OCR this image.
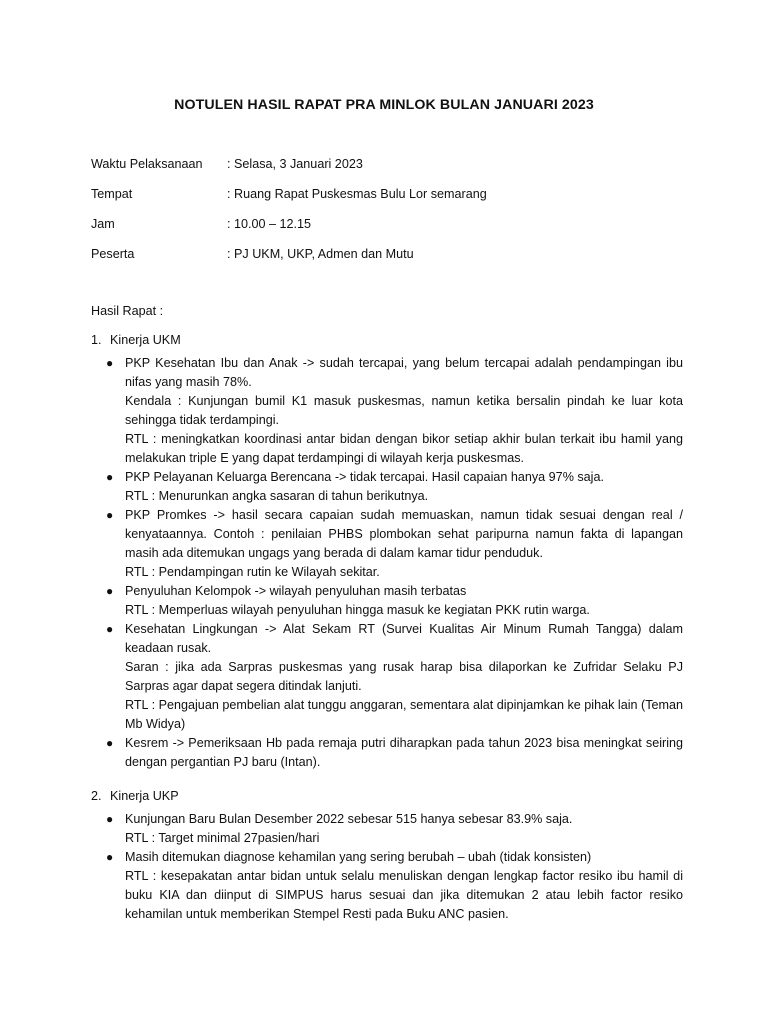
NOTULEN HASIL RAPAT PRA MINLOK BULAN JANUARI 2023
Waktu Pelaksanaan	: Selasa, 3 Januari 2023
Tempat	: Ruang Rapat Puskesmas Bulu Lor semarang
Jam	: 10.00 – 12.15
Peserta	: PJ UKM, UKP, Admen dan Mutu
Hasil Rapat :
1. Kinerja UKM
● PKP Kesehatan Ibu dan Anak -> sudah tercapai, yang belum tercapai adalah pendampingan ibu nifas yang masih 78%.

Kendala : Kunjungan bumil K1 masuk puskesmas, namun ketika bersalin pindah ke luar kota sehingga tidak terdampingi.

RTL : meningkatkan koordinasi antar bidan dengan bikor setiap akhir bulan terkait ibu hamil yang melakukan triple E yang dapat terdampingi di wilayah kerja puskesmas.

● PKP Pelayanan Keluarga Berencana -> tidak tercapai. Hasil capaian hanya 97% saja.

RTL : Menurunkan angka sasaran di tahun berikutnya.

● PKP Promkes -> hasil secara capaian sudah memuaskan, namun tidak sesuai dengan real / kenyataannya. Contoh : penilaian PHBS plombokan sehat paripurna namun fakta di lapangan masih ada ditemukan ungags yang berada di dalam kamar tidur penduduk.

RTL : Pendampingan rutin ke Wilayah sekitar.

● Penyuluhan Kelompok -> wilayah penyuluhan masih terbatas

RTL : Memperluas wilayah penyuluhan hingga masuk ke kegiatan PKK rutin warga.

● Kesehatan Lingkungan -> Alat Sekam RT (Survei Kualitas Air Minum Rumah Tangga) dalam keadaan rusak.

Saran : jika ada Sarpras puskesmas yang rusak harap bisa dilaporkan ke Zufridar Selaku PJ Sarpras agar dapat segera ditindak lanjuti.

RTL : Pengajuan pembelian alat tunggu anggaran, sementara alat dipinjamkan ke pihak lain (Teman Mb Widya)

● Kesrem -> Pemeriksaan Hb pada remaja putri diharapkan pada tahun 2023 bisa meningkat seiring dengan pergantian PJ baru (Intan).

2. Kinerja UKP
● Kunjungan Baru Bulan Desember 2022 sebesar 515 hanya sebesar 83.9% saja.

RTL : Target minimal 27pasien/hari

● Masih ditemukan diagnose kehamilan yang sering berubah – ubah (tidak konsisten)

RTL : kesepakatan antar bidan untuk selalu menuliskan dengan lengkap factor resiko ibu hamil di buku KIA dan diinput di SIMPUS harus sesuai dan jika ditemukan 2 atau lebih factor resiko kehamilan untuk memberikan Stempel Resti pada Buku ANC pasien.
